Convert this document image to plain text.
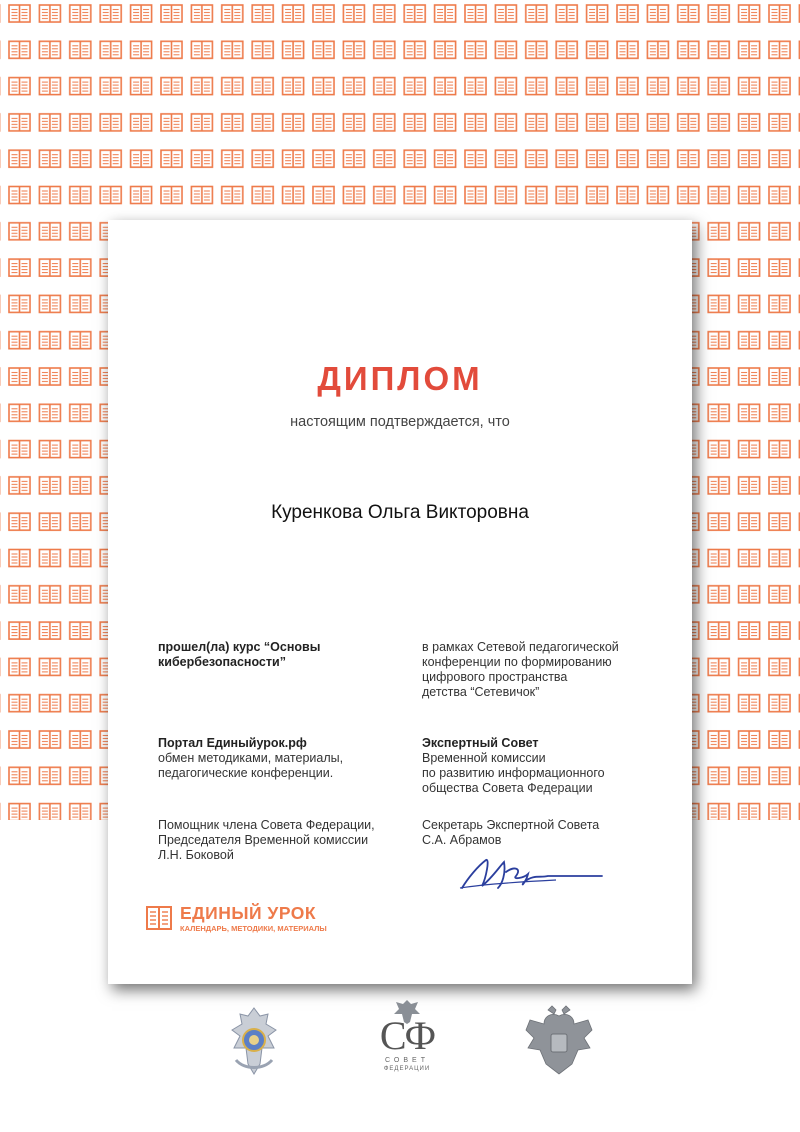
ДИПЛОМ
настоящим подтверждается, что
Куренкова Ольга Викторовна
прошел(ла) курс “Основы
кибербезопасности”
в рамках Сетевой педагогической
конференции по формированию
цифрового пространства
детства “Сетевичок”
Портал Единыйурок.рф
обмен методиками, материалы,
педагогические конференции.
Экспертный Совет
Временной комиссии
по развитию информационного
общества Совета Федерации
Помощник члена Совета Федерации,
Председателя Временной комиссии
Л.Н. Боковой
Секретарь Экспертной Совета
С.А. Абрамов
ЕДИНЫЙ УРОК
КАЛЕНДАРЬ, МЕТОДИКИ, МАТЕРИАЛЫ
СФ
СОВЕТ
ФЕДЕРАЦИИ
